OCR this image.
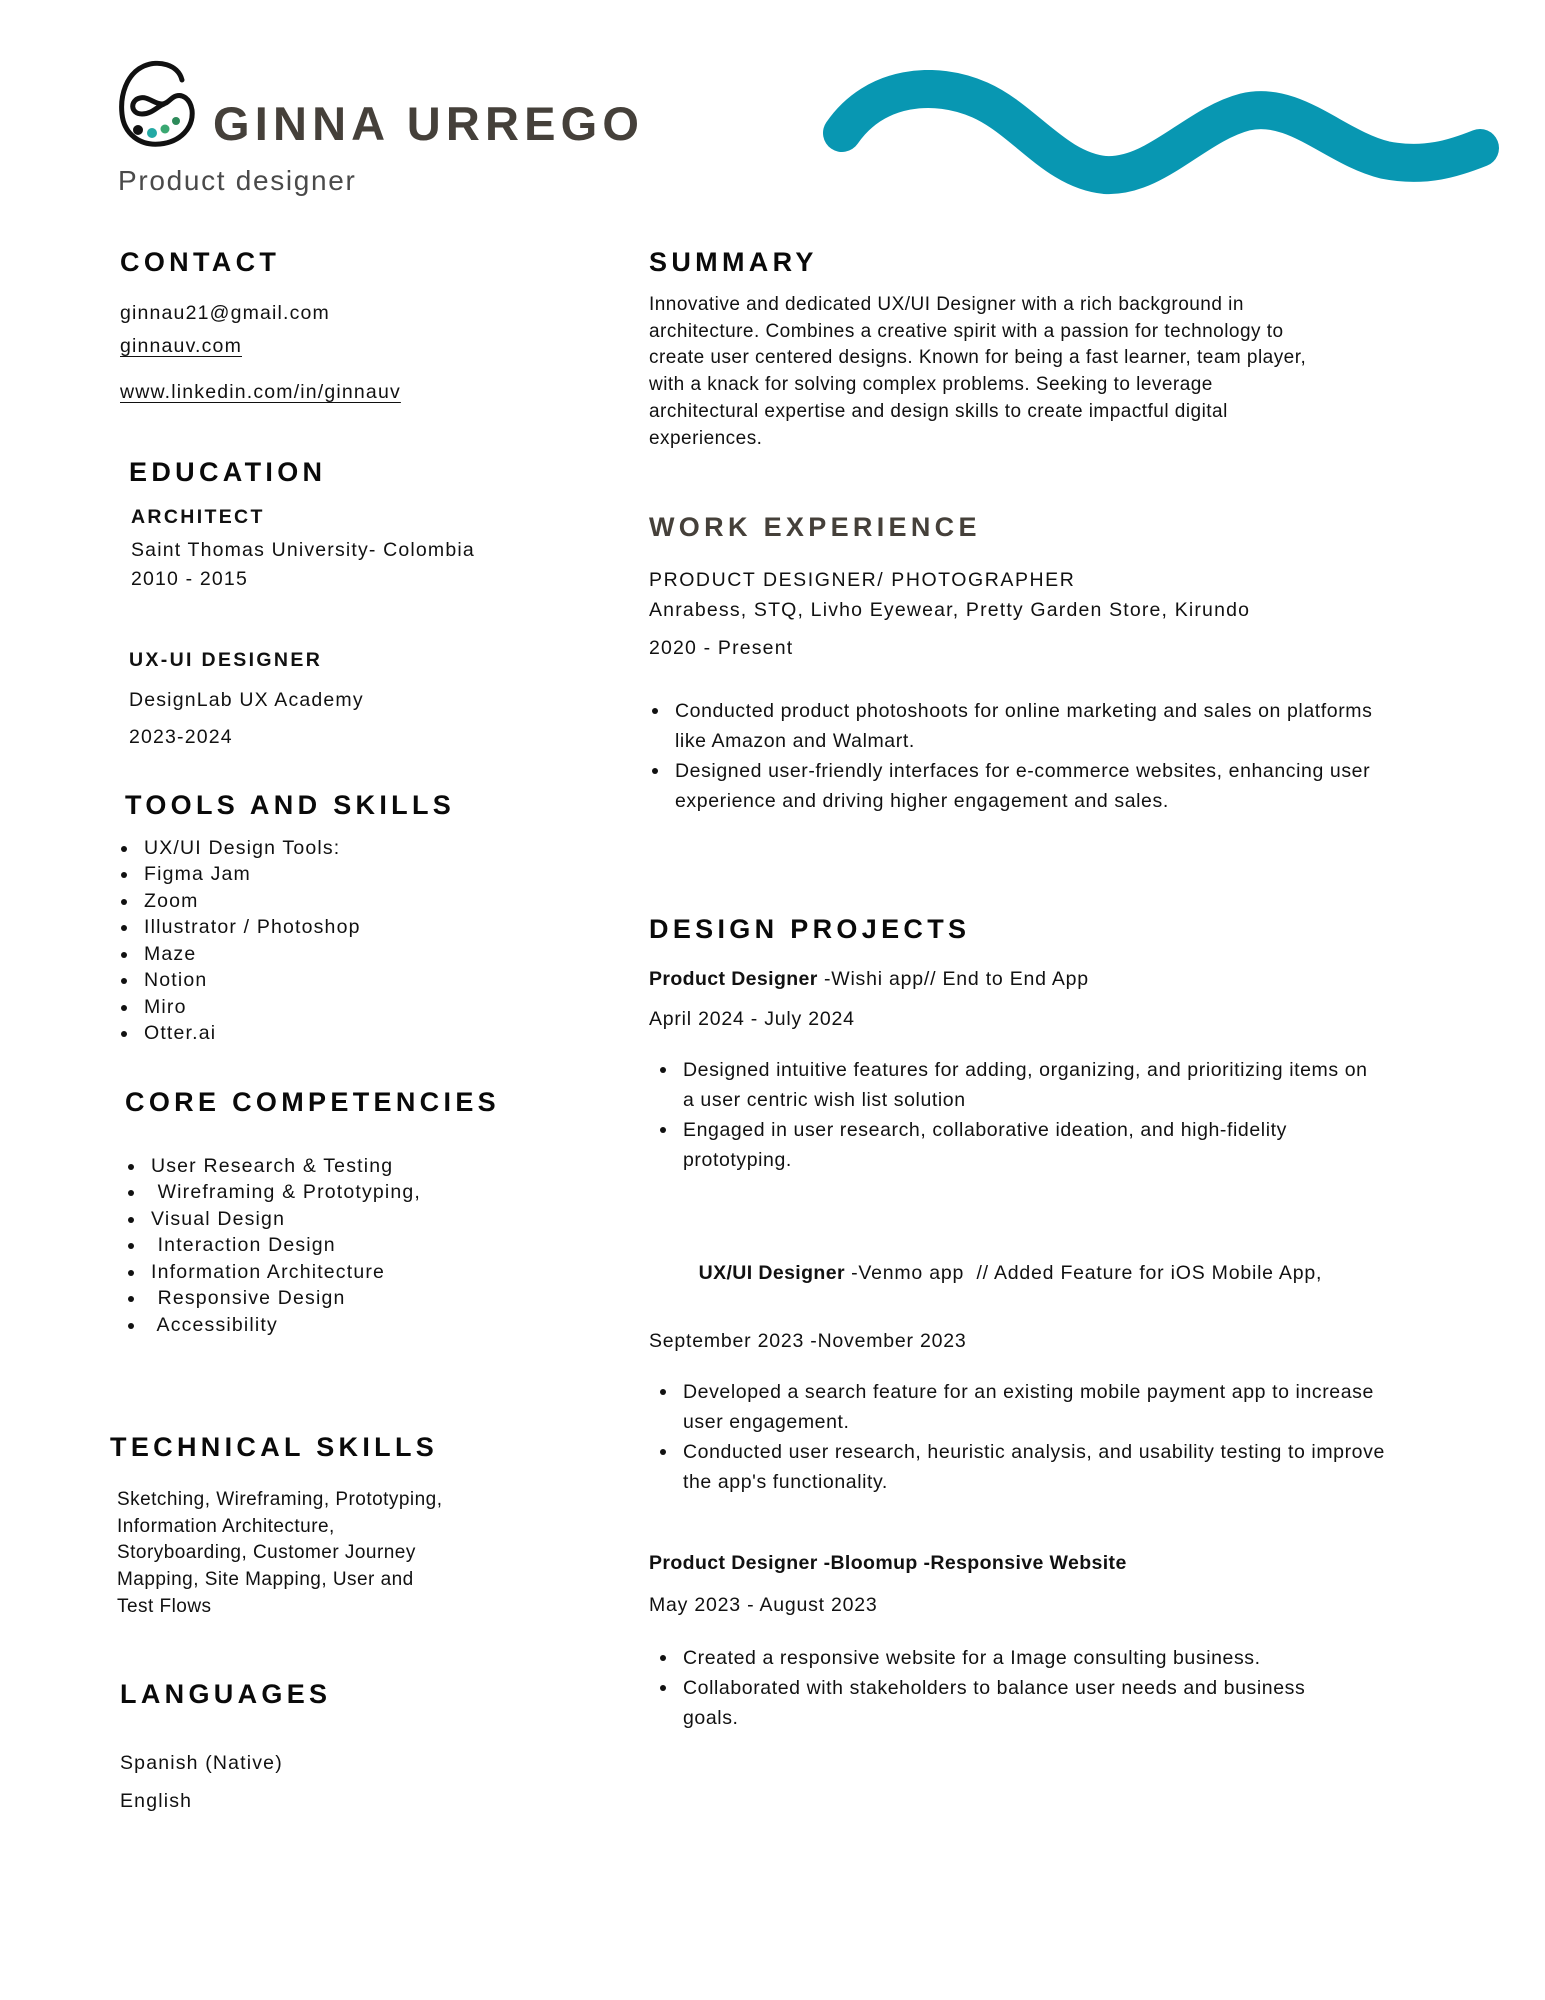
GINNA URREGO
Product designer
CONTACT
ginnau21@gmail.com
ginnauv.com
www.linkedin.com/in/ginnauv
EDUCATION
ARCHITECT
Saint Thomas University- Colombia
2010 - 2015
UX-UI DESIGNER
DesignLab UX Academy
2023-2024
TOOLS AND SKILLS
UX/UI Design Tools:
Figma Jam
Zoom
Illustrator / Photoshop
Maze
Notion
Miro
Otter.ai
CORE COMPETENCIES
User Research & Testing
Wireframing & Prototyping,
Visual Design
Interaction Design
Information Architecture
Responsive Design
Accessibility
TECHNICAL SKILLS
Sketching, Wireframing, Prototyping,
Information Architecture,
Storyboarding, Customer Journey
Mapping, Site Mapping, User and
Test Flows
LANGUAGES
Spanish (Native)
English
SUMMARY
Innovative and dedicated UX/UI Designer with a rich background in
architecture. Combines a creative spirit with a passion for technology to
create user centered designs. Known for being a fast learner, team player,
with a knack for solving complex problems. Seeking to leverage
architectural expertise and design skills to create impactful digital
experiences.
WORK EXPERIENCE
PRODUCT DESIGNER/ PHOTOGRAPHER
Anrabess, STQ, Livho Eyewear, Pretty Garden Store, Kirundo
2020 - Present
Conducted product photoshoots for online marketing and sales on platforms like Amazon and Walmart.
Designed user-friendly interfaces for e-commerce websites, enhancing user experience and driving higher engagement and sales.
DESIGN PROJECTS
Product Designer -Wishi app// End to End App
April 2024 - July 2024
Designed intuitive features for adding, organizing, and prioritizing items on a user centric wish list solution
Engaged in user research, collaborative ideation, and high-fidelity prototyping.

UX/UI Designer -Venmo app  // Added Feature for iOS Mobile App,

September 2023 -November 2023
Developed a search feature for an existing mobile payment app to increase user engagement.
Conducted user research, heuristic analysis, and usability testing to improve the app's functionality.
Product Designer -Bloomup -Responsive Website
May 2023 - August 2023
Created a responsive website for a Image consulting business.
Collaborated with stakeholders to balance user needs and business goals.
